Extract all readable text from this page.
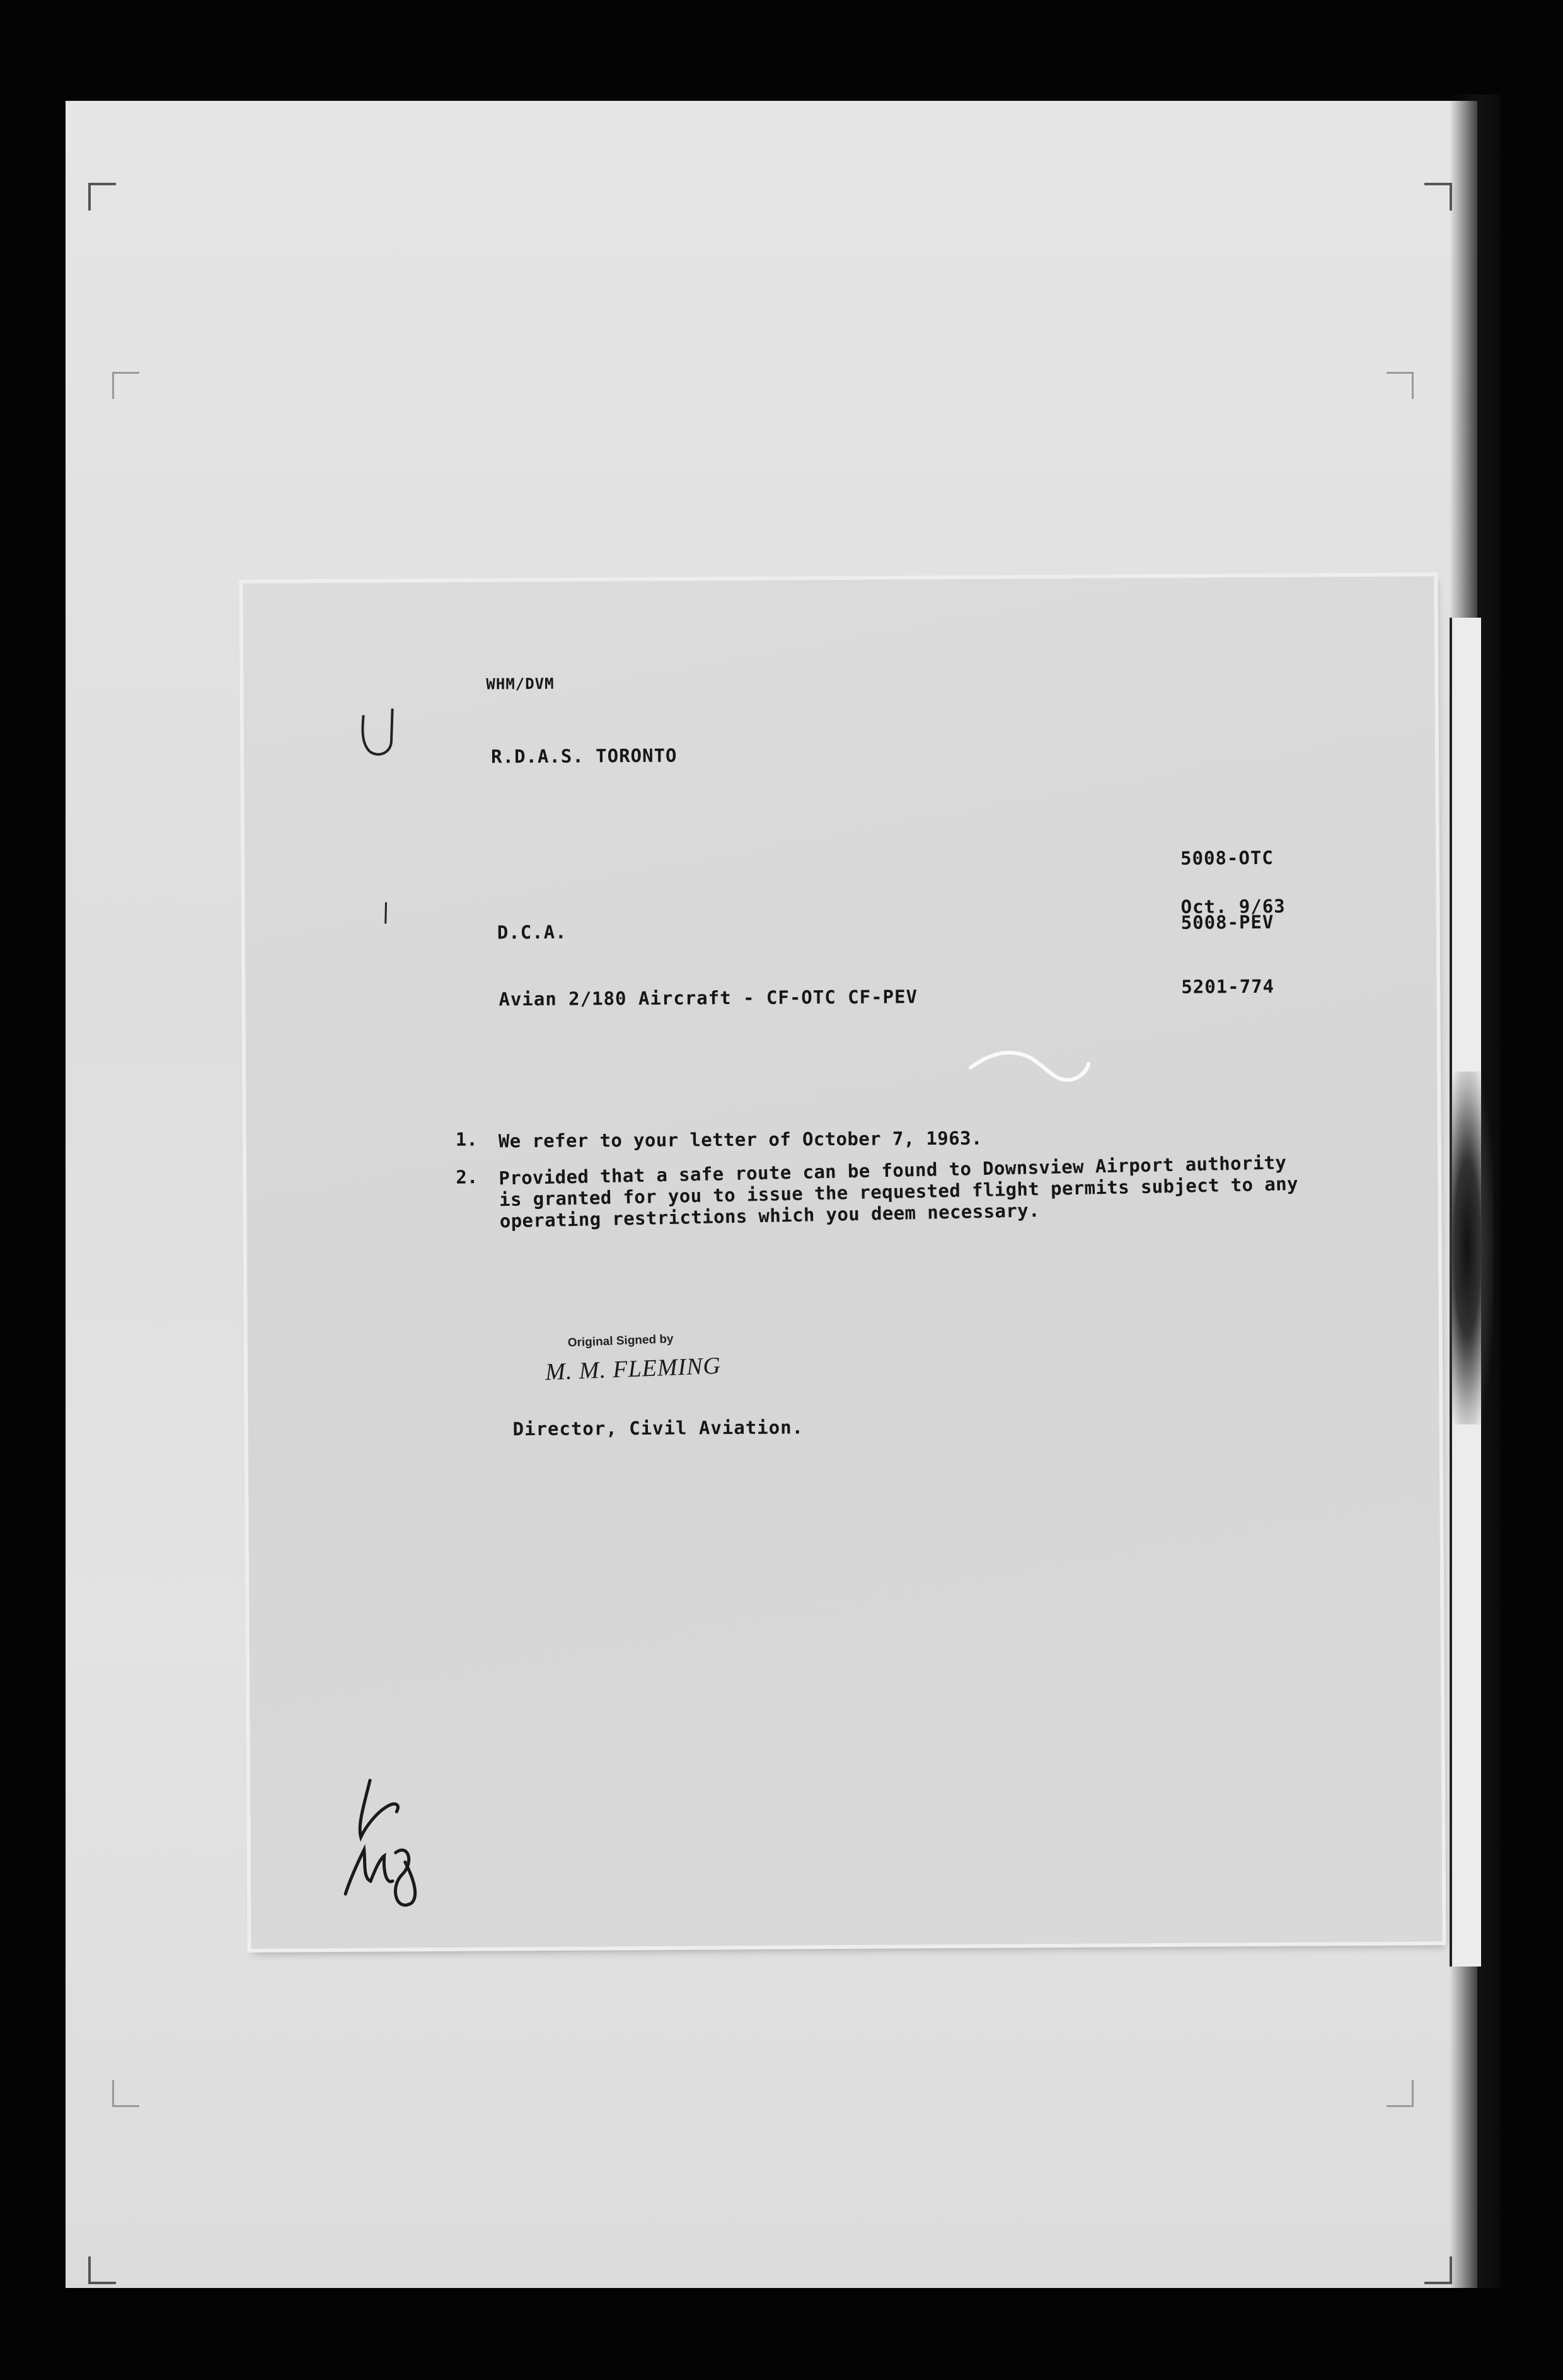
WHM/DVM
R.D.A.S. TORONTO

5008-OTC

5008-PEV

5201-774

Oct. 9/63
D.C.A.
Avian 2/180 Aircraft - CF-OTC CF-PEV
1. We refer to your letter of October 7, 1963.
2. Provided that a safe route can be found to Downsview Airport authority is granted for you to issue the requested flight permits subject to any operating restrictions which you deem necessary.
Original Signed by
M. M. FLEMING
Director, Civil Aviation.
